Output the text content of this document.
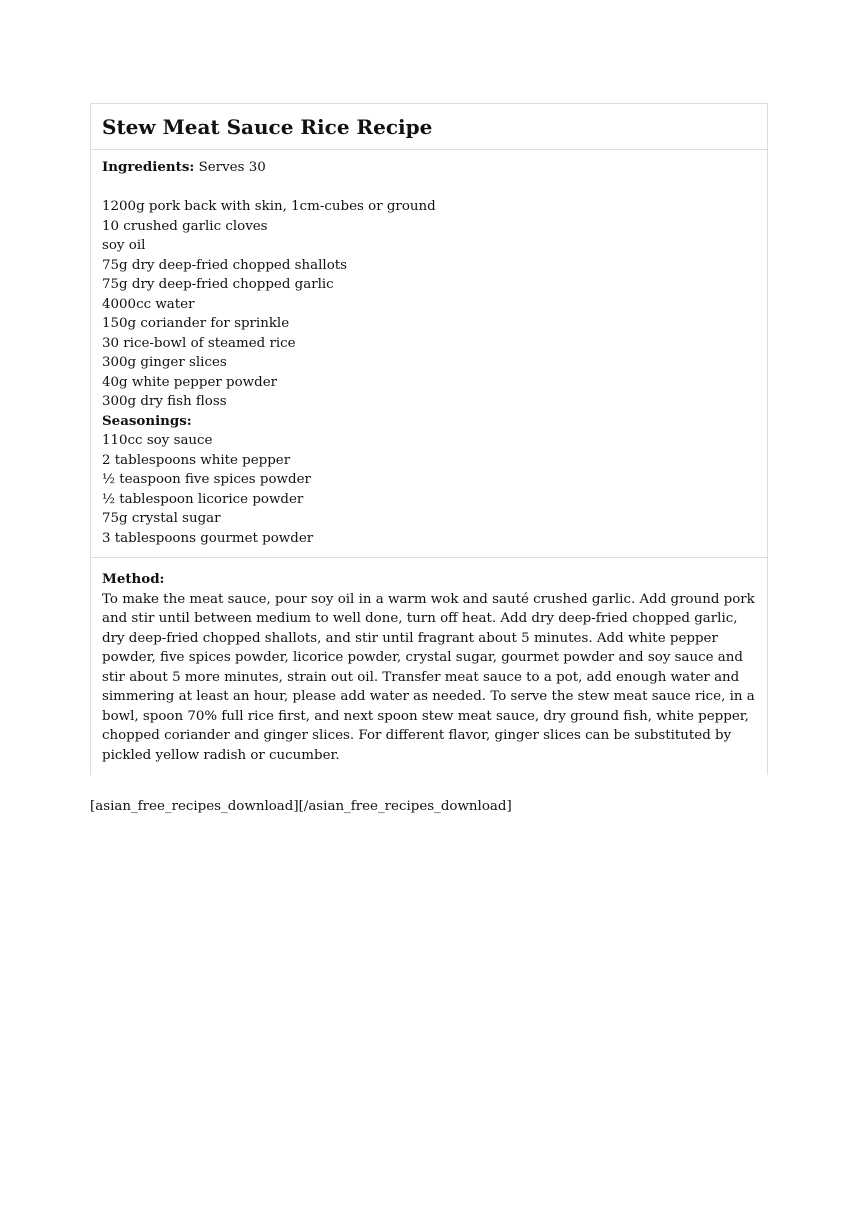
Stew Meat Sauce Rice Recipe
Ingredients: Serves 30
1200g pork back with skin, 1cm-cubes or ground
10 crushed garlic cloves
soy oil
75g dry deep-fried chopped shallots
75g dry deep-fried chopped garlic
4000cc water
150g coriander for sprinkle
30 rice-bowl of steamed rice
300g ginger slices
40g white pepper powder
300g dry fish floss
Seasonings:
110cc soy sauce
2 tablespoons white pepper
½ teaspoon five spices powder
½ tablespoon licorice powder
75g crystal sugar
3 tablespoons gourmet powder
Method:

To make the meat sauce, pour soy oil in a warm wok and sauté crushed garlic. Add ground pork and stir until between medium to well done, turn off heat. Add dry deep-fried chopped garlic, dry deep-fried chopped shallots, and stir until fragrant about 5 minutes. Add white pepper powder, five spices powder, licorice powder, crystal sugar, gourmet powder and soy sauce and stir about 5 more minutes, strain out oil. Transfer meat sauce to a pot, add enough water and simmering at least an hour, please add water as needed. To serve the stew meat sauce rice, in a bowl, spoon 70% full rice first, and next spoon stew meat sauce, dry ground fish, white pepper, chopped coriander and ginger slices. For different flavor, ginger slices can be substituted by pickled yellow radish or cucumber.

[asian_free_recipes_download][/asian_free_recipes_download]
